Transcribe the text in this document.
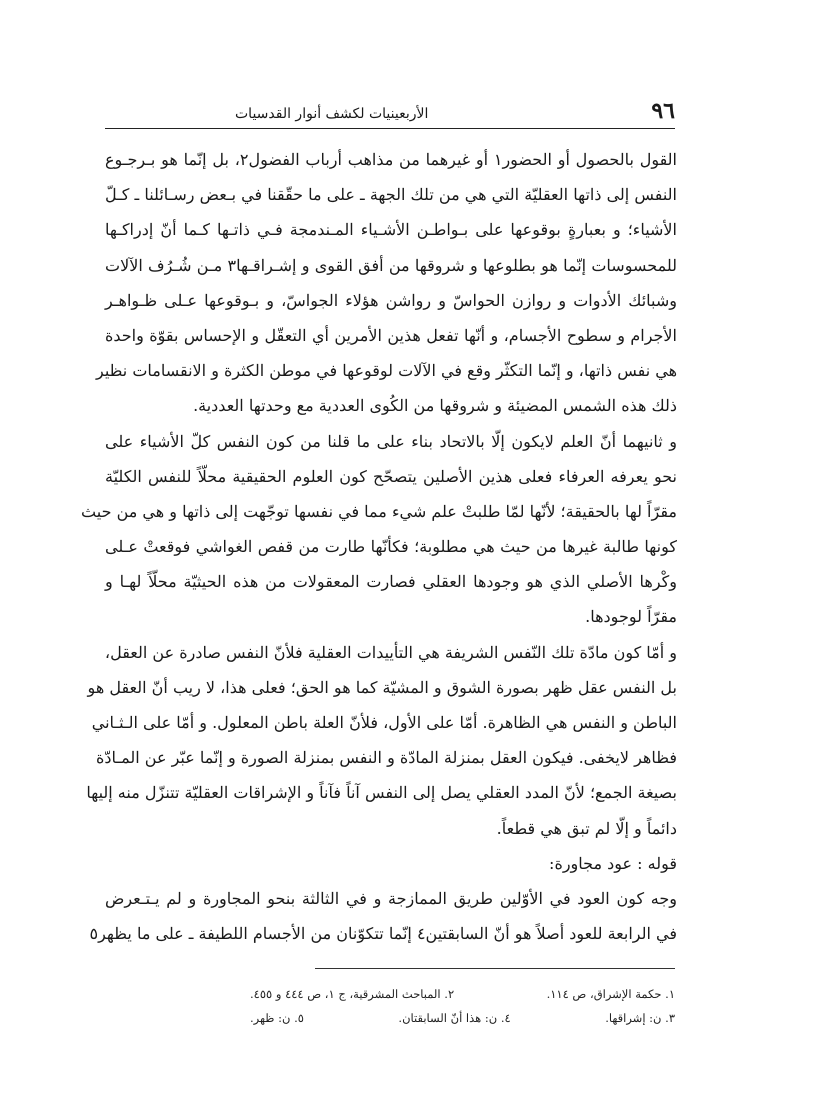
٩٦
الأربعينيات لكشف أنوار القدسيات
القول بالحصول أو الحضور١ أو غيرهما من مذاهب أرباب الفضول٢، بل إنّما هو بـرجـوع
النفس إلى ذاتها العقليّة التي هي من تلك الجهة ـ على ما حقّقنا في بـعض رسـائلنا ـ كـلّ
الأشياء؛ و بعبارةٍ بوقوعها على بـواطـن الأشـياء المـندمجة فـي ذاتـها كـما أنّ إدراكـها
للمحسوسات إنّما هو بطلوعها و شروقها من أفق القوى و إشـراقـها٣ مـن شُـرُف الآلات
وشبائك الأدوات و روازن الحواسّ و رواشن هؤلاء الجواسّ، و بـوقوعها عـلى ظـواهـر
الأجرام و سطوح الأجسام، و أنّها تفعل هذين الأمرين أي التعقّل و الإحساس بقوّة واحدة
هي نفس ذاتها، و إنّما التكثّر وقع في الآلات لوقوعها في موطن الكثرة و الانقسامات نظير
ذلك هذه الشمس المضيئة و شروقها من الكُوى العددية مع وحدتها العددية.
و ثانيهما أنّ العلم لايكون إلّا بالاتحاد بناء على ما قلنا من كون النفس كلّ الأشياء على
نحو يعرفه العرفاء فعلى هذين الأصلين يتصحّح كون العلوم الحقيقية محلّاً للنفس الكليّة
مقرّاً لها بالحقيقة؛ لأنّها لمّا طلبتْ علم شيء مما في نفسها توجّهت إلى ذاتها و هي من حيث
كونها طالبة غيرها من حيث هي مطلوبة؛ فكأنّها طارت من قفص الغواشي فوقعتْ عـلى
وكْرها الأصلي الذي هو وجودها العقلي فصارت المعقولات من هذه الحيثيّة محلّاً لهـا و
مقرّاً لوجودها.
و أمّا كون مادّة تلك النّفس الشريفة هي التأييدات العقلية فلأنّ النفس صادرة عن العقل،
بل النفس عقل ظهر بصورة الشوق و المشيّة كما هو الحق؛ فعلى هذا، لا ريب أنّ العقل هو
الباطن و النفس هي الظاهرة. أمّا على الأول، فلأنّ العلة باطن المعلول. و أمّا على الـثـاني
فظاهر لايخفى. فيكون العقل بمنزلة المادّة و النفس بمنزلة الصورة و إنّما عبّر عن المـادّة
بصيغة الجمع؛ لأنّ المدد العقلي يصل إلى النفس آناً فآناً و الإشراقات العقليّة تتنزّل منه إليها
دائماً و إلّا لم تبق هي قطعاً.
قوله : عود مجاورة:
وجه كون العود في الأوّلين طريق الممازجة و في الثالثة بنحو المجاورة و لم يـتـعرض
في الرابعة للعود أصلاً هو أنّ السابقتين٤ إنّما تتكوّنان من الأجسام اللطيفة ـ على ما يظهر٥
١. حكمة الإشراق، ص ١١٤.
٢. المباحث المشرقية، ج ١، ص ٤٤٤ و ٤٥٥.
٣. ن: إشراقها.
٤. ن: هذا أنّ السابقتان.
٥. ن: ظهر.
